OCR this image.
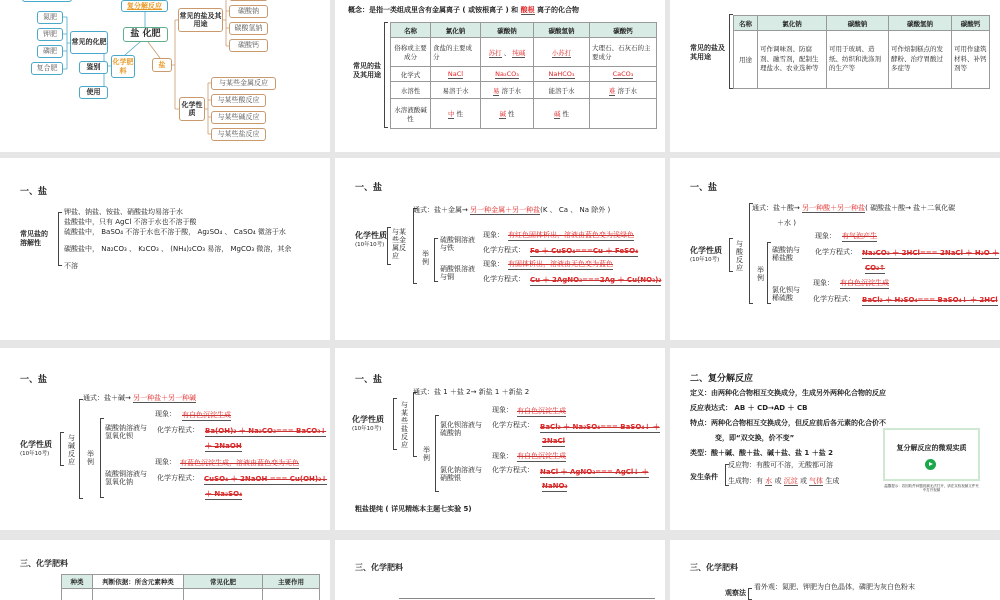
复分解反应
盐 化肥
化学肥料
常见的化肥
鉴别
使用
氮肥
钾肥
磷肥
复合肥	盐
常见的盐及其用途
碳酸钠
碳酸氢钠
碳酸钙
化学性质
与某些金属反应
与某些酸反应
与某些碱反应
与某些盐反应
概念：是指一类组成里含有金属离子 ( 或铵根离子 ) 和 酸根 离子的化合物
常见的盐及其用途
名称	氯化钠	碳酸钠	碳酸氢钠	碳酸钙
俗称或主要成分	食盐的主要成分	苏打 、 纯碱	小苏打	大理石、石灰石的主要成分
化学式	NaCl	Na₂CO₃	NaHCO₃	CaCO₃
水溶性	易溶于水	易 溶于水	能溶于水	难 溶于水
水溶液酸碱性	中 性	碱 性	碱 性	
常见的盐及其用途
名称	氯化钠	碳酸钠	碳酸氢钠	碳酸钙
用途	可作调味剂、防腐剂、融雪剂，配制生理盐水、农业选种等	可用于玻璃、造纸、纺织和洗涤剂的生产等	可作焙制糕点的发酵粉、治疗胃酸过多症等	可用作建筑材料、补钙剂等
一、盐
常见盐的溶解性
钾盐、钠盐、铵盐、硝酸盐均易溶于水
盐酸盐中，只有 AgCl 不溶于水也不溶于酸
硫酸盐中， BaSO₄ 不溶于水也不溶于酸， Ag₂SO₄ 、 CaSO₄ 微溶于水
碳酸盐中， Na₂CO₃ 、 K₂CO₃ 、 (NH₄)₂CO₃ 易溶， MgCO₃ 微溶，其余
不溶
一、盐
化学性质
(10年10考)
与某些金属反应
通式：盐＋金属→ 另一种金属＋另一种盐(K 、 Ca 、 Na 除外 )
举例
硫酸铜溶液与铁
硝酸银溶液与铜
现象： 有红色固体析出，溶液由蓝色变为浅绿色
化学方程式： Fe ＋ CuSO₄===Cu ＋ FeSO₄
现象： 有固体析出，溶液由无色变为蓝色
化学方程式： Cu ＋ 2AgNO₃===2Ag ＋ Cu(NO₃)₂
一、盐
化学性质
(10年10考)
与酸反应
通式：盐＋酸→ 另一种酸＋另一种盐( 碳酸盐＋酸→ 盐＋二氧化碳
＋水 )
举例
碳酸钠与稀盐酸
氯化钡与稀硫酸
现象： 有气泡产生
化学方程式： Na₂CO₃ ＋ 2HCl=== 2NaCl ＋ H₂O ＋
CO₂↑
现象： 有白色沉淀生成
化学方程式： BaCl₂ ＋ H₂SO₄=== BaSO₄↓ ＋ 2HCl
一、盐
化学性质
(10年10考)
与碱反应
通式：盐＋碱→ 另一种盐＋另一种碱
举例
碳酸钠溶液与氢氧化钡
硫酸铜溶液与氢氧化钠
现象： 有白色沉淀生成
化学方程式： Ba(OH)₂ ＋ Na₂CO₃=== BaCO₃↓
＋ 2NaOH
现象： 有蓝色沉淀生成，溶液由蓝色变为无色
化学方程式： CuSO₄ ＋ 2NaOH === Cu(OH)₂↓
＋ Na₂SO₄
一、盐
化学性质
(10年10考)
与某些盐反应
通式：盐 1 ＋盐 2→ 新盐 1 ＋新盐 2
举例
氯化钡溶液与硫酸钠
氯化钠溶液与硝酸银
现象： 有白色沉淀生成
化学方程式： BaCl₂ ＋ Na₂SO₄=== BaSO₄↓ ＋
2NaCl
现象： 有白色沉淀生成
化学方程式： NaCl ＋ AgNO₃=== AgCl↓ ＋
NaNO₃
粗盐提纯 ( 详见精练本主题七实验 5)
二、复分解反应
定义：由两种化合物相互交换成分，生成另外两种化合物的反应
反应表达式： AB ＋ CD→AD ＋ CB
特点：两种化合物相互交换成分，但反应前后各元素的化合价不
变，即“双交换，价不变”
类型：酸＋碱、酸＋盐、碱＋盐、盐 1 ＋盐 2
发生条件
反应物：有酸可不溶，无酸都可溶
生成物：有 水 或 沉淀 或 气体 生成
复分解反应的微观实质
温馨提示：若因软件问题视频无法打开，请在实验视频文件夹中打开视频
三、化学肥料
种类	判断依据：所含元素种类	常见化肥	主要作用

三、化学肥料	三、化学肥料
观察法
看外观：氮肥、钾肥为白色晶体，磷肥为灰白色粉末
